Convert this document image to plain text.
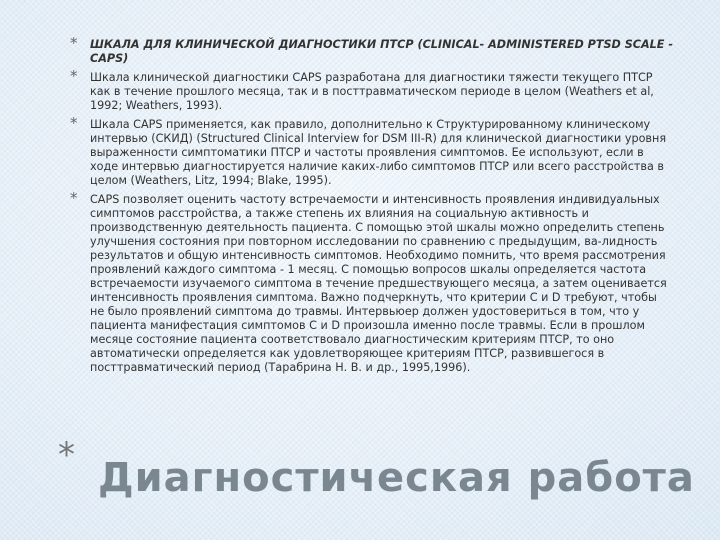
* ШКАЛА ДЛЯ КЛИНИЧЕСКОЙ ДИАГНОСТИКИ ПТСР (CLINICAL- ADMINISTERED PTSD SCALE - CAPS)
* Шкала клинической диагностики CAPS разработана для диагностики тяжести текущего ПТСР как в течение прошлого месяца, так и в посттравматическом периоде в целом (Weathers et al, 1992; Weathers, 1993).
* Шкала CAPS применяется, как правило, дополнительно к Структурированному клиническому интервью (СКИД) (Structured Clinical Interview for DSM III-R) для клинической диагностики уровня выраженности симптоматики ПТСР и частоты проявления симптомов. Ее используют, если в ходе интервью диагностируется наличие каких-либо симптомов ПТСР или всего расстройства в целом (Weathers, Litz, 1994; Blake, 1995).
* CAPS позволяет оценить частоту встречаемости и интенсивность проявления индивидуальных симптомов расстройства, а также степень их влияния на социальную активность и производственную деятельность пациента. С помощью этой шкалы можно определить степень улучшения состояния при повторном исследовании по сравнению с предыдущим, ва-лидность результатов и общую интенсивность симптомов. Необходимо помнить, что время рассмотрения проявлений каждого симптома - 1 месяц. С помощью вопросов шкалы определяется частота встречаемости изучаемого симптома в течение предшествующего месяца, а затем оценивается интенсивность проявления симптома. Важно подчеркнуть, что критерии C и D требуют, чтобы не было проявлений симптома до травмы. Интервьюер должен удостовериться в том, что у пациента манифестация симптомов C и D произошла именно после травмы. Если в прошлом месяце состояние пациента соответствовало диагностическим критериям ПТСР, то оно автоматически определяется как удовлетворяющее критериям ПТСР, развившегося в посттравматический период (Тарабрина Н. В. и др., 1995,1996).
* Диагностическая работа
